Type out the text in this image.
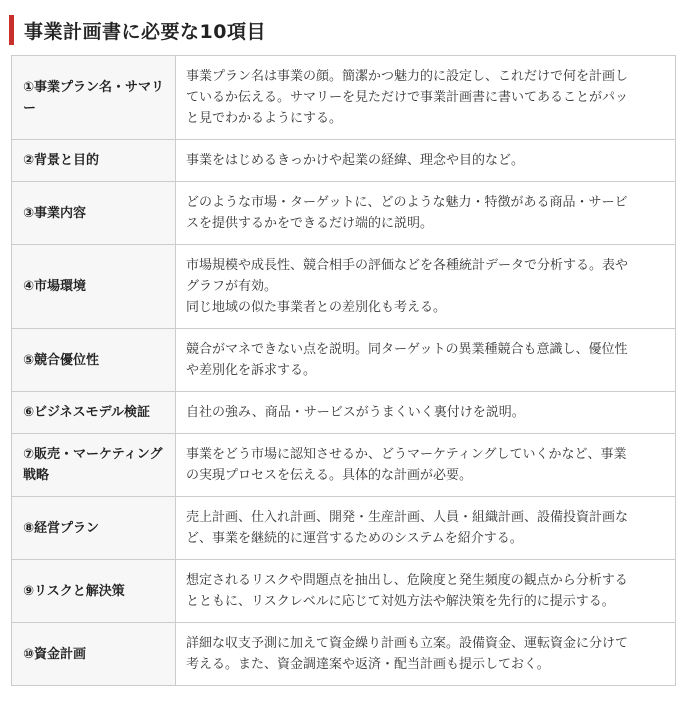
事業計画書に必要な10項目
①事業プラン名・サマリー	事業プラン名は事業の顔。簡潔かつ魅力的に設定し、これだけで何を計画し
ているか伝える。サマリーを見ただけで事業計画書に書いてあることがパッ
と見でわかるようにする。

②背景と目的	事業をはじめるきっかけや起業の経緯、理念や目的など。

③事業内容	どのような市場・ターゲットに、どのような魅力・特徴がある商品・サービ
スを提供するかをできるだけ端的に説明。

④市場環境	市場規模や成長性、競合相手の評価などを各種統計データで分析する。表や
グラフが有効。
同じ地域の似た事業者との差別化も考える。

⑤競合優位性	競合がマネできない点を説明。同ターゲットの異業種競合も意識し、優位性
や差別化を訴求する。

⑥ビジネスモデル検証	自社の強み、商品・サービスがうまくいく裏付けを説明。

⑦販売・マーケティング戦略	事業をどう市場に認知させるか、どうマーケティングしていくかなど、事業
の実現プロセスを伝える。具体的な計画が必要。

⑧経営プラン	売上計画、仕入れ計画、開発・生産計画、人員・組織計画、設備投資計画な
ど、事業を継続的に運営するためのシステムを紹介する。

⑨リスクと解決策	想定されるリスクや問題点を抽出し、危険度と発生頻度の観点から分析する
とともに、リスクレベルに応じて対処方法や解決策を先行的に提示する。

⑩資金計画	詳細な収支予測に加えて資金繰り計画も立案。設備資金、運転資金に分けて
考える。また、資金調達案や返済・配当計画も提示しておく。
